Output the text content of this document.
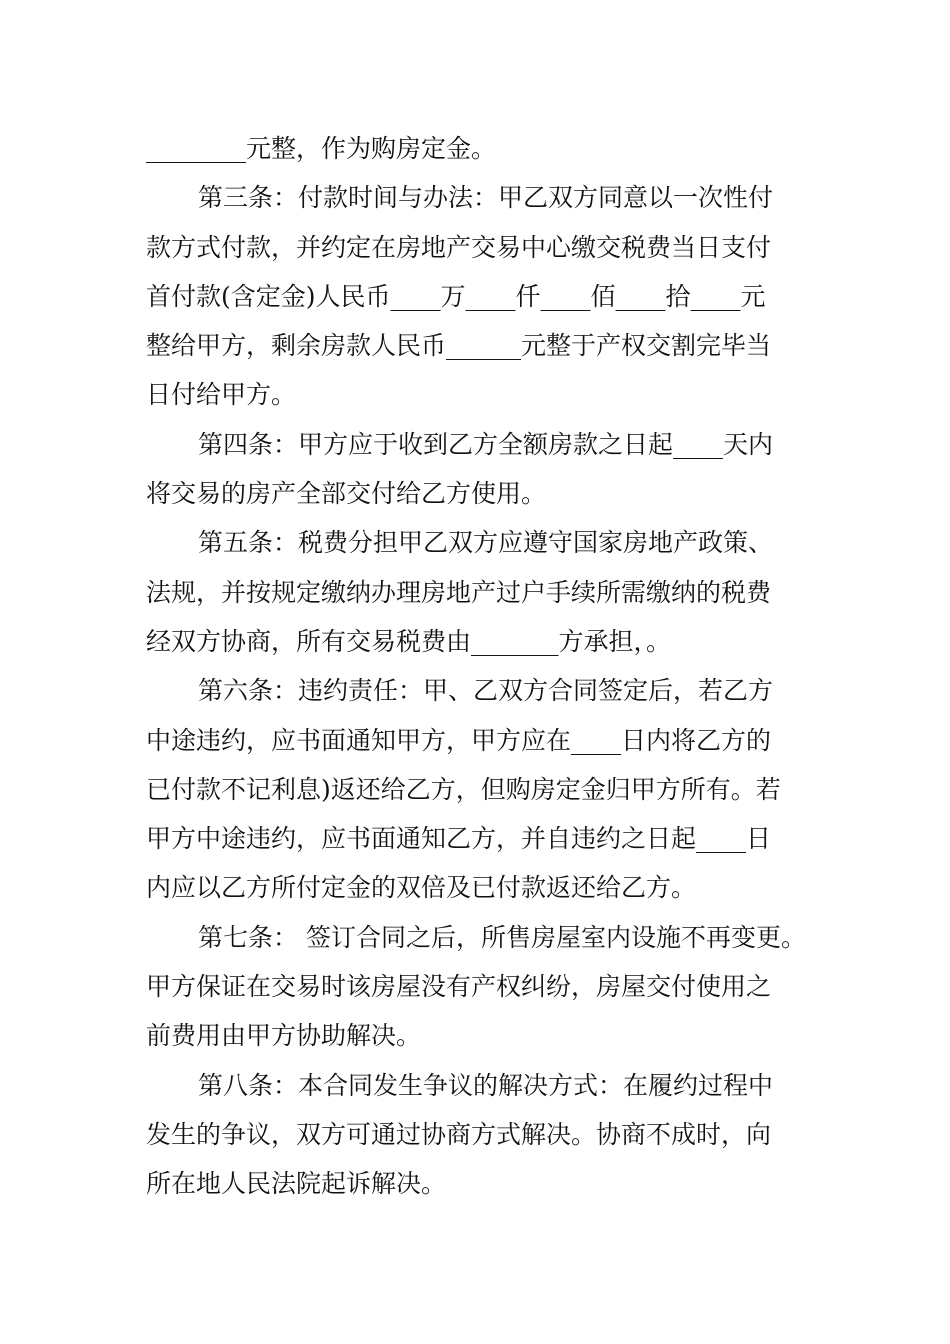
________元整，作为购房定金。
第三条：付款时间与办法：甲乙双方同意以一次性付
款方式付款，并约定在房地产交易中心缴交税费当日支付
首付款(含定金)人民币____万____仟____佰____拾____元
整给甲方，剩余房款人民币______元整于产权交割完毕当
日付给甲方。
第四条：甲方应于收到乙方全额房款之日起____天内
将交易的房产全部交付给乙方使用。
第五条：税费分担甲乙双方应遵守国家房地产政策、
法规，并按规定缴纳办理房地产过户手续所需缴纳的税费
经双方协商，所有交易税费由_______方承担，。
第六条：违约责任：甲、乙双方合同签定后，若乙方
中途违约，应书面通知甲方，甲方应在____日内将乙方的
已付款不记利息)返还给乙方，但购房定金归甲方所有。若
甲方中途违约，应书面通知乙方，并自违约之日起____日
内应以乙方所付定金的双倍及已付款返还给乙方。
第七条： 签订合同之后，所售房屋室内设施不再变更。
甲方保证在交易时该房屋没有产权纠纷，房屋交付使用之
前费用由甲方协助解决。
第八条：本合同发生争议的解决方式：在履约过程中
发生的争议，双方可通过协商方式解决。协商不成时，向
所在地人民法院起诉解决。
